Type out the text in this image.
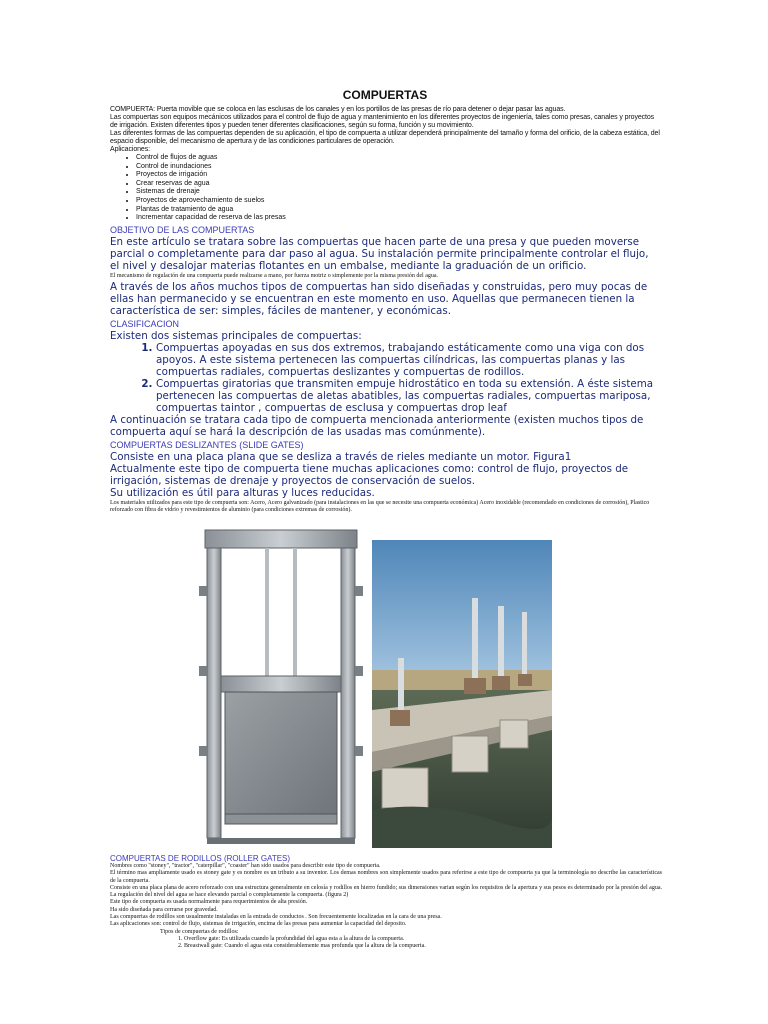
COMPUERTAS

COMPUERTA: Puerta movible que se coloca en las esclusas de los canales y en los portillos de las presas de río para detener o dejar pasar las aguas.

Las compuertas son equipos mecánicos utilizados para el control de flujo de agua y mantenimiento en los diferentes proyectos de ingeniería, tales como presas, canales y proyectos de irrigación. Existen diferentes tipos y pueden tener diferentes clasificaciones, según su forma, función y su movimiento.

Las diferentes formas de las compuertas dependen de su aplicación, el tipo de compuerta a utilizar dependerá principalmente del tamaño y forma del orificio, de la cabeza estática, del espacio disponible, del mecanismo de apertura y de las condiciones particulares de operación.

Aplicaciones:

• Control de flujos de aguas
• Control de inundaciones
• Proyectos de irrigación
• Crear reservas de agua
• Sistemas de drenaje
• Proyectos de aprovechamiento de suelos
• Plantas de tratamiento de agua
• Incrementar capacidad de reserva de las presas
OBJETIVO DE LAS COMPUERTAS

En este artículo se tratara sobre las compuertas que hacen parte de una presa y que pueden moverse parcial o completamente para dar paso al agua. Su instalación permite principalmente controlar el flujo, el nivel y desalojar materias flotantes en un embalse, mediante la graduación de un orificio.

El mecanismo de regulación de una compuerta puede realizarse a mano, por fuerza motriz o simplemente por la misma presión del agua.

A través de los años muchos tipos de compuertas han sido diseñadas y construidas, pero muy pocas de ellas han permanecido y se encuentran en este momento en uso. Aquellas que permanecen tienen la característica de ser: simples, fáciles de mantener, y económicas.

CLASIFICACION

Existen dos sistemas principales de compuertas:

1. Compuertas apoyadas en sus dos extremos, trabajando estáticamente como una viga con dos apoyos. A este sistema pertenecen las compuertas cilíndricas, las compuertas planas y las compuertas radiales, compuertas deslizantes y compuertas de rodillos.
2. Compuertas giratorias que transmiten empuje hidrostático en toda su extensión. A éste sistema pertenecen las compuertas de aletas abatibles, las compuertas radiales, compuertas mariposa, compuertas taintor , compuertas de esclusa y compuertas drop leaf

A continuación se tratara cada tipo de compuerta mencionada anteriormente (existen muchos tipos de compuerta aquí se hará la descripción de las usadas mas comúnmente).

COMPUERTAS DESLIZANTES (SLIDE GATES)

Consiste en una placa plana que se desliza a través de rieles mediante un motor. Figura1

Actualmente este tipo de compuerta tiene muchas aplicaciones como: control de flujo, proyectos de irrigación, sistemas de drenaje y proyectos de conservación de suelos.

Su utilización es útil para alturas y luces reducidas.

Los materiales utilizados para este tipo de compuerta son: Acero, Acero galvanizado (para instalaciones en las que se necesite una compuerta económica) Acero inoxidable (recomendado en condiciones de corrosión), Plastico reforzado con fibra de vidrio y revestimientos de aluminio (para condiciones extremas de corrosión).

COMPUERTAS DE RODILLOS (ROLLER GATES)

Nombres como "stoney", "tractor", "caterpillar", "coaster" han sido usados para describir este tipo de compuerta.

El término mas ampliamente usado es stoney gate y es nombre es un tributo a su inventor. Los demas nombres son simplemente usados para referirse a este tipo de compuerta ya que la terminología no describe las características de la compuerta.

Consiste en una placa plana de acero reforzado con una estructura generalmente en celosía y rodillos en hierro fundido; sus dimensiones varian según los requisitos de la apertura y sus pesos es determinado por la presión del agua. La regulación del nivel del agua se hace elevando parcial o completamente la compuerta. (figura 2)

Este tipo de compuerta es usada normalmente para requerimientos de alta presión.

Ha sido diseñada para cerrarse por gravedad.

Las compuertas de rodillos son usualmente instaladas en la entrada de conductos . Son frecuentemente localizadas en la cara de una presa.

Las aplicaciones son: control de flujo, sistemas de irrigación, encima de las presas para aumentar la capacidad del deposito.

Tipos de compuertas de rodillos:

1. Overflow gate: Es utilizada cuando la profundidad del agua esta a la altura de la compuerta.

2. Breastwall gate: Cuando el agua esta considerablemente mas profunda que la altura de la compuerta.
